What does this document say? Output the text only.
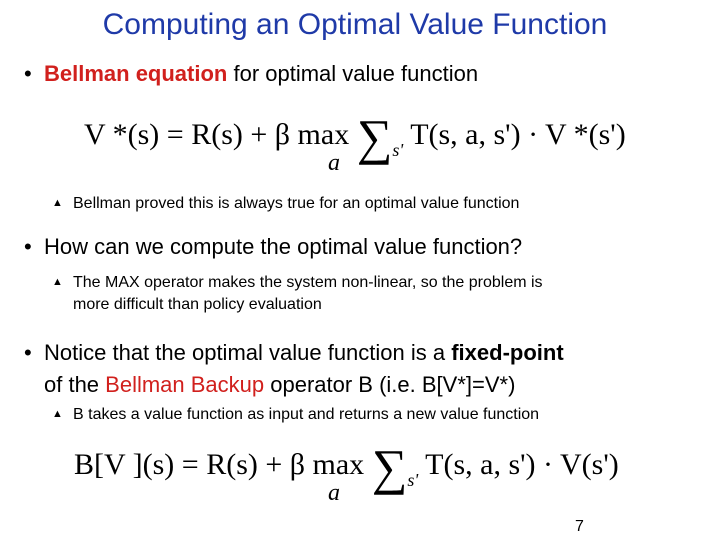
Computing an Optimal Value Function
• Bellman equation for optimal value function
V *(s) = R(s) + β $\max \sum_{s'}$ T(s, a, s') · V *(s')
a
▲ Bellman proved this is always true for an optimal value function
• How can we compute the optimal value function?
▲ The MAX operator makes the system non-linear, so the problem is
more difficult than policy evaluation
• Notice that the optimal value function is a fixed-point
of the Bellman Backup operator B (i.e. B[V*]=V*)
▲ B takes a value function as input and returns a new value function
B[V ](s) = R(s) + β $\max \sum_{s'}$ T(s, a, s') · V(s')
a
7
